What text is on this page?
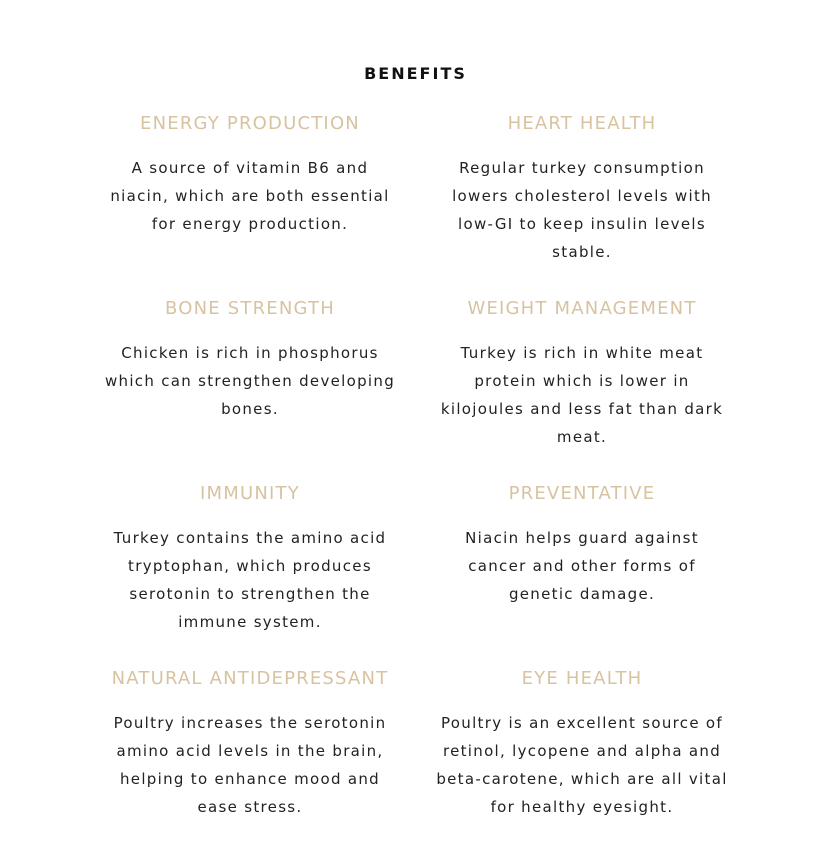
BENEFITS
ENERGY PRODUCTION

A source of vitamin B6 and niacin, which are both essential for energy production.

HEART HEALTH

Regular turkey consumption lowers cholesterol levels with low-GI to keep insulin levels stable.

BONE STRENGTH

Chicken is rich in phosphorus which can strengthen developing bones.

WEIGHT MANAGEMENT

Turkey is rich in white meat protein which is lower in kilojoules and less fat than dark meat.

IMMUNITY

Turkey contains the amino acid tryptophan, which produces serotonin to strengthen the immune system.

PREVENTATIVE

Niacin helps guard against cancer and other forms of genetic damage.

NATURAL ANTIDEPRESSANT

Poultry increases the serotonin amino acid levels in the brain, helping to enhance mood and ease stress.

EYE HEALTH

Poultry is an excellent source of retinol, lycopene and alpha and beta-carotene, which are all vital for healthy eyesight.
